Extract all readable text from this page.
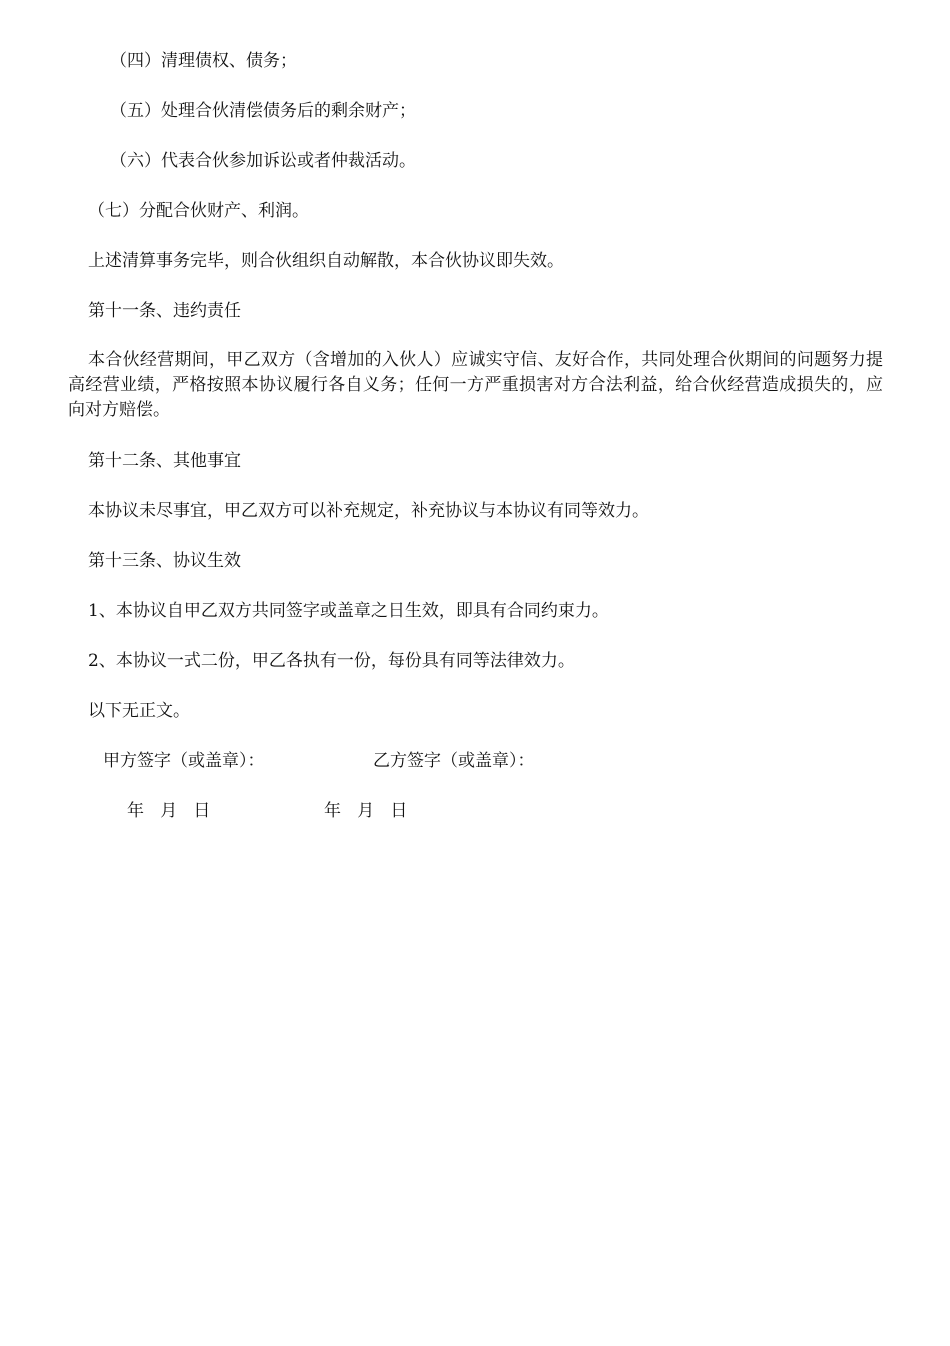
（四）清理债权、债务；

（五）处理合伙清偿债务后的剩余财产；

（六）代表合伙参加诉讼或者仲裁活动。

（七）分配合伙财产、利润。

上述清算事务完毕，则合伙组织自动解散，本合伙协议即失效。

第十一条、违约责任

本合伙经营期间，甲乙双方（含增加的入伙人）应诚实守信、友好合作，共同处理合伙期间的问题努力提高经营业绩，严格按照本协议履行各自义务；任何一方严重损害对方合法利益，给合伙经营造成损失的，应向对方赔偿。

第十二条、其他事宜

本协议未尽事宜，甲乙双方可以补充规定，补充协议与本协议有同等效力。

第十三条、协议生效

1、本协议自甲乙双方共同签字或盖章之日生效，即具有合同约束力。

2、本协议一式二份，甲乙各执有一份，每份具有同等法律效力。

以下无正文。

甲方签字（或盖章）：	乙方签字（或盖章）：

年   月   日	年   月   日
